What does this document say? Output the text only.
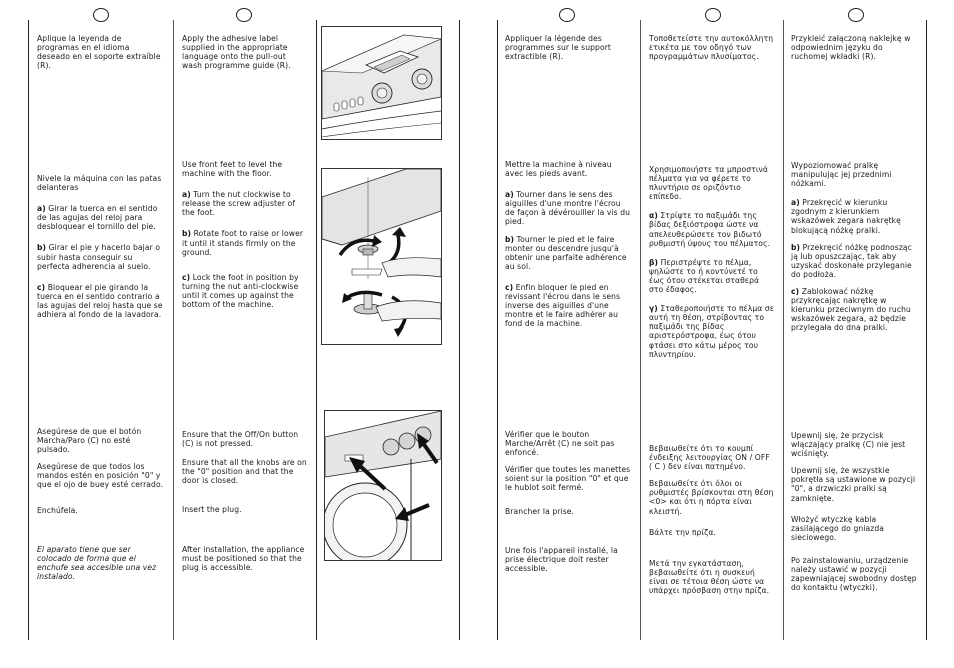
Aplique la leyenda de programas en el idioma deseado en el soporte extraíble (R).

Nivele la máquina con las patas delanteras

a) Girar la tuerca en el sentido de las agujas del reloj para desbloquear el tornillo del pie.

b) Girar el pie y hacerlo bajar o subir hasta conseguir su perfecta adherencia al suelo.

c) Bloquear el pie girando la tuerca en el sentido contrario a las agujas del reloj hasta que se adhiera al fondo de la lavadora.

Asegúrese de que el botón Marcha/Paro (C) no esté pulsado.

Asegúrese de que todos los mandos estén en posición "0" y que el ojo de buey esté cerrado.

Enchúfela.

El aparato tiene que ser colocado de forma que el enchufe sea accesible una vez instalado.

Apply the adhesive label supplied in the appropriate language onto the pull-out wash programme guide (R).

Use front feet to level the machine with the floor.

a) Turn the nut clockwise to release the screw adjuster of the foot.

b) Rotate foot to raise or lower it until it stands firmly on the ground.

c) Lock the foot in position by turning the nut anti-clockwise until it comes up against the bottom of the machine.

Ensure that the Off/On button (C) is not pressed.

Ensure that all the knobs are on the "0" position and that the door is closed.

Insert the plug.

After installation, the appliance must be positioned so that the plug is accessible.

Appliquer la légende des programmes sur le support extractible (R).

Mettre la machine à niveau avec les pieds avant.

a) Tourner dans le sens des aiguilles d'une montre l'écrou de façon à dévérouiller la vis du pied.

b) Tourner le pied et le faire monter ou descendre jusqu'à obtenir une parfaite adhérence au sol.

c) Enfin bloquer le pied en revissant l'écrou dans le sens inverse des aiguilles d'une montre et le faire adhérer au fond de la machine.

Vérifier que le bouton Marche/Arrêt (C) ne soit pas enfoncé.

Vérifier que toutes les manettes soient sur la position "0" et que le hublot soit fermé.

Brancher la prise.

Une fois l'appareil installé, la prise électrique doit rester accessible.

Τοποθετείστε την αυτοκόλλητη ετικέτα με τον οδηγό των προγραμμάτων πλυσίματος.

Χρησιμοποιήστε τα μπροστινά πέλματα για να φέρετε το πλυντήριο σε οριζόντιο επίπεδο.

α) Στρίψτε το παξιμάδι της βίδας δεξιόστροφα ώστε να απελευθερώσετε τον βιδωτό ρυθμιστή ύψους του πέλματος.

β) Περιστρέψτε το πέλμα, ψηλώστε το ή κοντύνετέ το έως ότου στέκεται σταθερά στο έδαφος.

γ) Σταθεροποιήστε το πέλμα σε αυτή τη θέση, στρίβοντας το παξιμάδι της βίδας αριστερόστροφα, έως ότου φτάσει στο κάτω μέρος του πλυντηρίου.

Βεβαιωθείτε ότι το κουμπί ένδειξης λειτουργίας ON / OFF ( C ) δεν είναι πατημένο.

Βεβαιωθείτε ότι όλοι οι ρυθμιστές βρίσκονται στη θέση <0> και ότι η πόρτα είναι κλειστή.

Βάλτε την πρίζα.

Μετά την εγκατάσταση, βεβαιωθείτε ότι η συσκευή είναι σε τέτοια θέση ώστε να υπάρχει πρόσβαση στην πρίζα.

Przykleić załączoną naklejkę w odpowiednim języku do ruchomej wkładki (R).

Wypoziomować pralkę manipulując jej przednimi nóżkami.

a) Przekręcić w kierunku zgodnym z kierunkiem wskazówek zegara nakrętkę blokującą nóżkę pralki.

b) Przekręcić nóżkę podnosząc ją lub opuszczając, tak aby uzyskać doskonałe przyleganie do podłoża.

c) Zablokować nóżkę przykręcając nakrętkę w kierunku przeciwnym do ruchu wskazówek zegara, aż będzie przylegała do dna pralki.

Upewnij się, że przycisk włączający pralkę (C) nie jest wciśnięty.

Upewnij się, że wszystkie pokrętła są ustawione w pozycji "0", a drzwiczki pralki są zamknięte.

Włożyć wtyczkę kabla zasilającego do gniazda sieciowego.

Po zainstalowaniu, urządzenie należy ustawić w pozycji zapewniającej swobodny dostęp do kontaktu (wtyczki).
